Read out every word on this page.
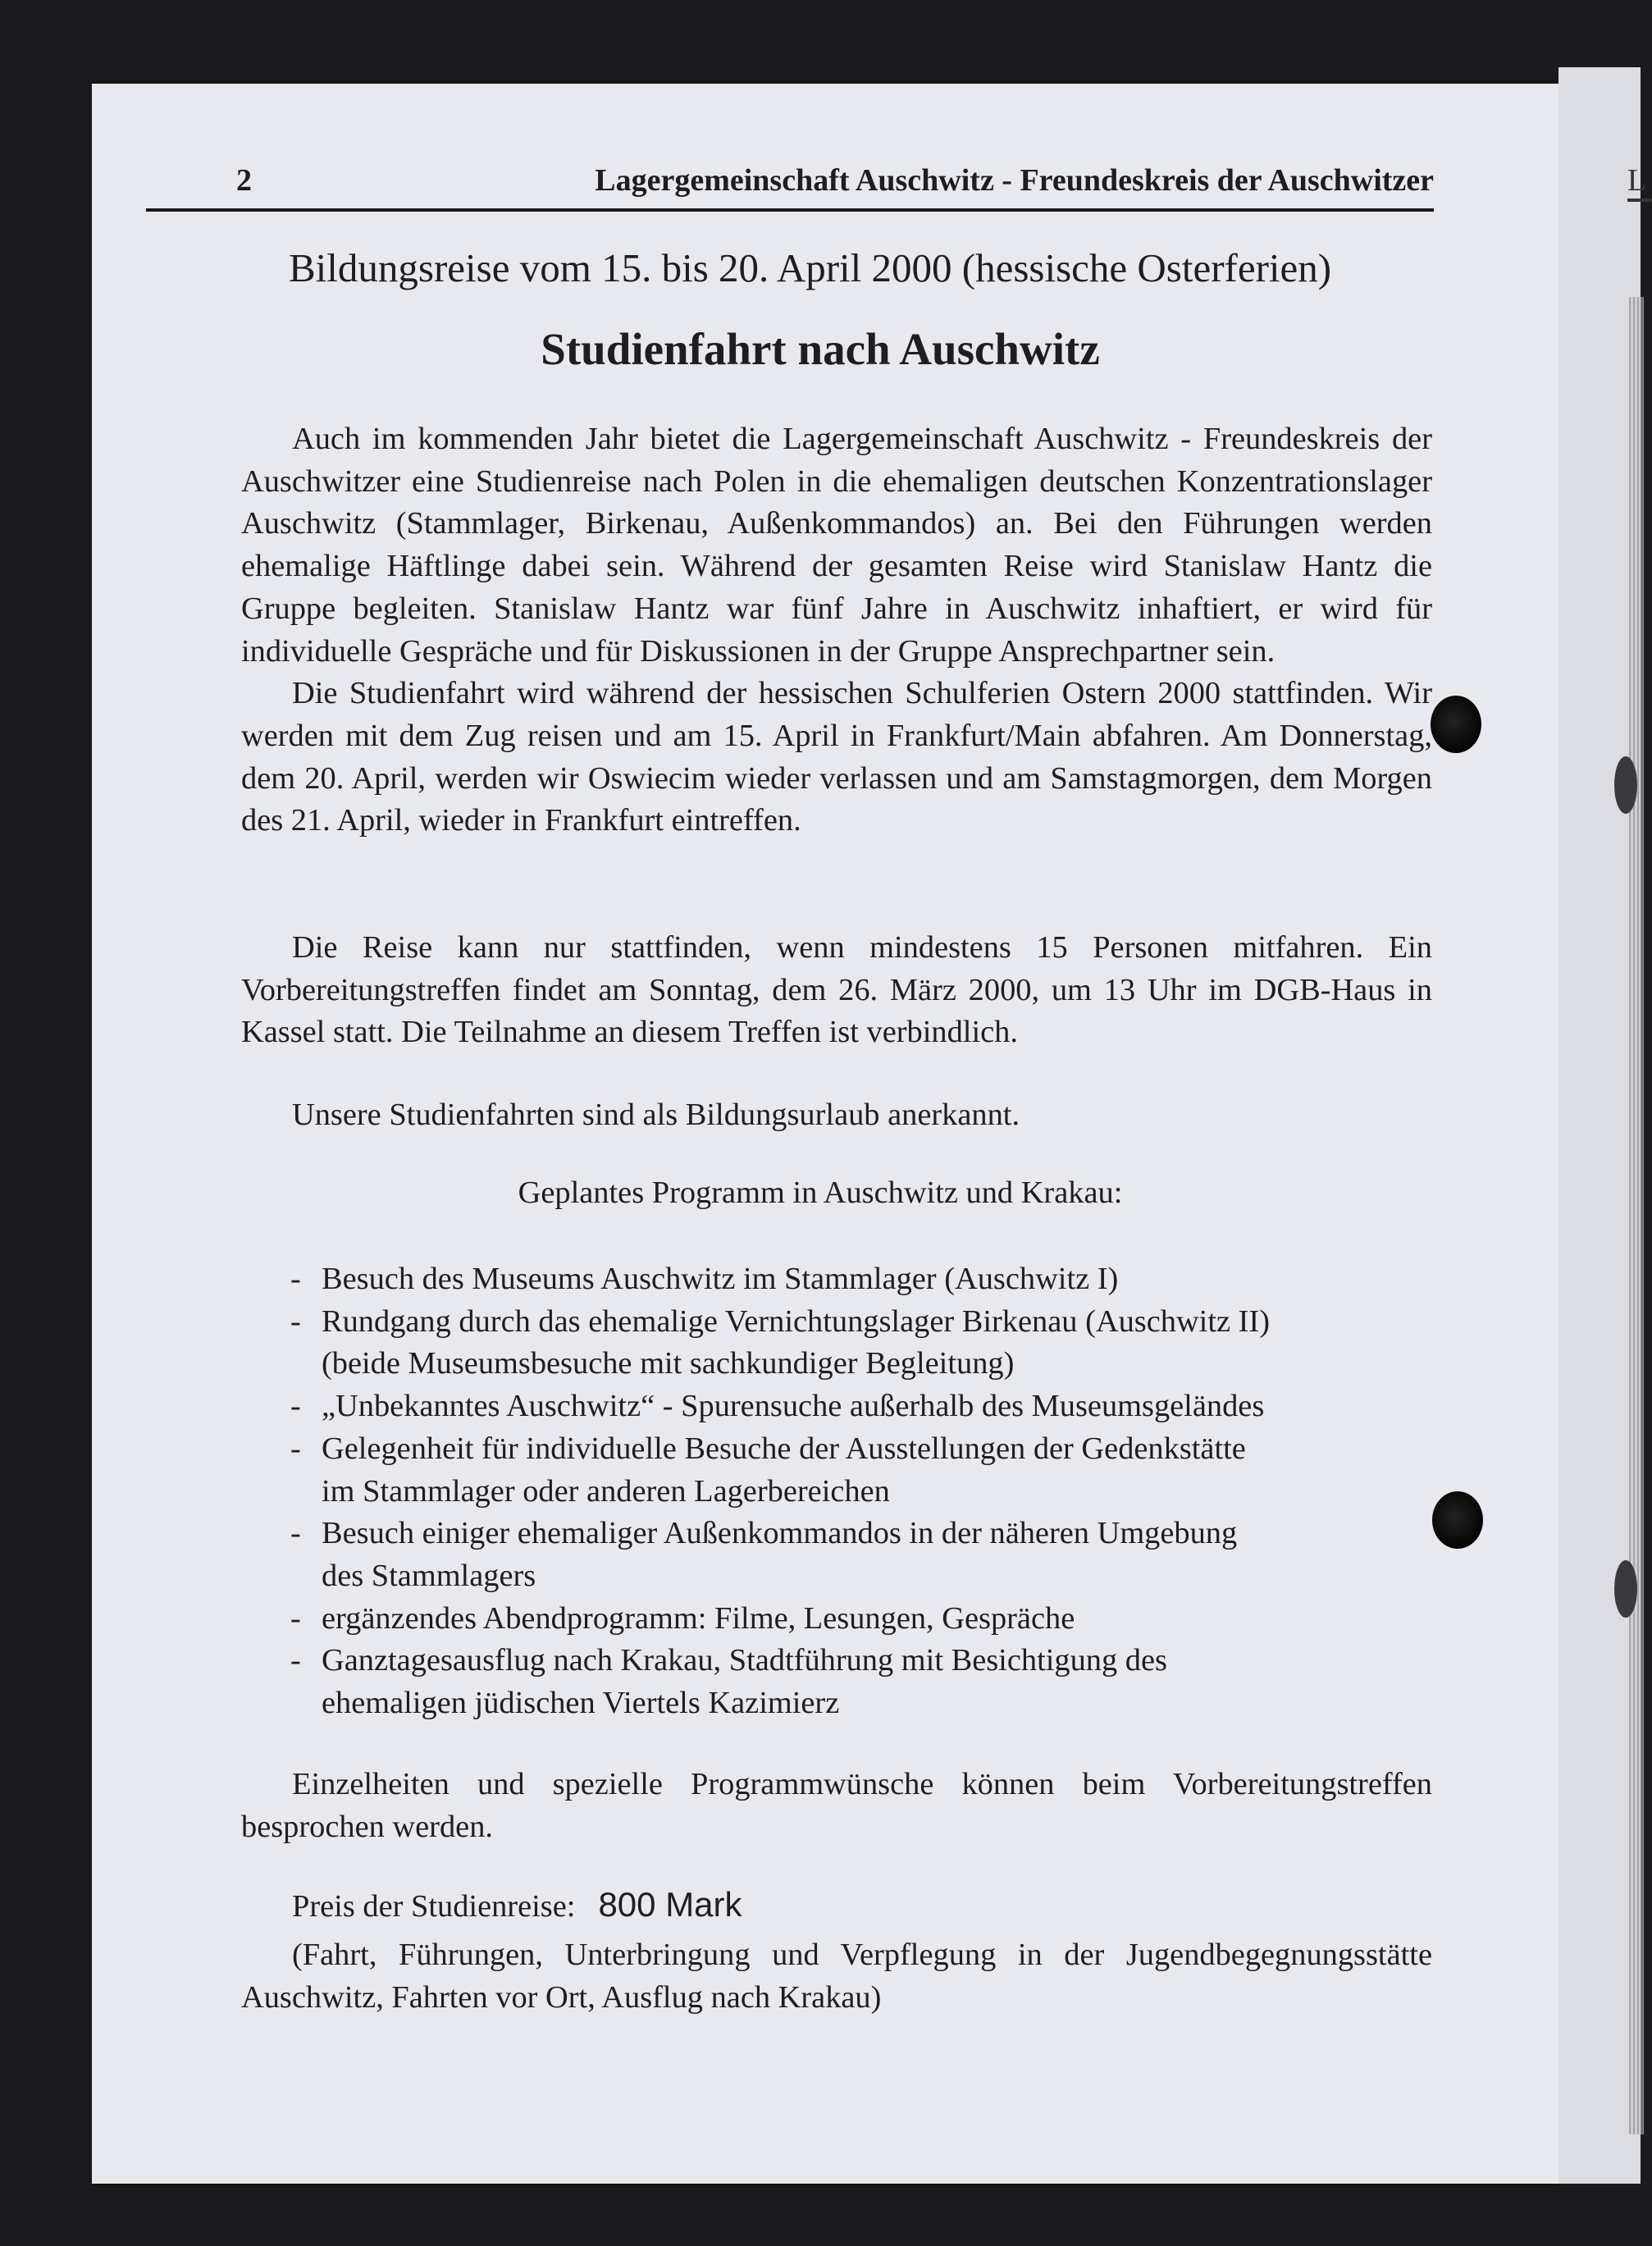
L
2	Lagergemeinschaft Auschwitz - Freundeskreis der Auschwitzer
Bildungsreise vom 15. bis 20. April 2000 (hessische Osterferien)
Studienfahrt nach Auschwitz

Auch im kommenden Jahr bietet die Lagergemeinschaft Auschwitz - Freundeskreis der Auschwitzer eine Studienreise nach Polen in die ehemaligen deutschen Konzentrationslager Auschwitz (Stammlager, Birkenau, Außenkommandos) an. Bei den Führungen werden ehemalige Häftlinge dabei sein. Während der gesamten Reise wird Stanislaw Hantz die Gruppe begleiten. Stanislaw Hantz war fünf Jahre in Auschwitz inhaftiert, er wird für individuelle Gespräche und für Diskussionen in der Gruppe Ansprechpartner sein.

Die Studienfahrt wird während der hessischen Schulferien Ostern 2000 stattfinden. Wir werden mit dem Zug reisen und am 15. April in Frankfurt/Main abfahren. Am Donnerstag, dem 20. April, werden wir Oswiecim wieder verlassen und am Samstagmorgen, dem Morgen des 21. April, wieder in Frankfurt eintreffen.

Die Reise kann nur stattfinden, wenn mindestens 15 Personen mitfahren. Ein Vorbereitungstreffen findet am Sonntag, dem 26. März 2000, um 13 Uhr im DGB-Haus in Kassel statt. Die Teilnahme an diesem Treffen ist verbindlich.

Unsere Studienfahrten sind als Bildungsurlaub anerkannt.

Geplantes Programm in Auschwitz und Krakau:
- Besuch des Museums Auschwitz im Stammlager (Auschwitz I)
- Rundgang durch das ehemalige Vernichtungslager Birkenau (Auschwitz II)
(beide Museumsbesuche mit sachkundiger Begleitung)
- „Unbekanntes Auschwitz“ - Spurensuche außerhalb des Museumsgeländes
- Gelegenheit für individuelle Besuche der Ausstellungen der Gedenkstätte
im Stammlager oder anderen Lagerbereichen
- Besuch einiger ehemaliger Außenkommandos in der näheren Umgebung
des Stammlagers
- ergänzendes Abendprogramm: Filme, Lesungen, Gespräche
- Ganztagesausflug nach Krakau, Stadtführung mit Besichtigung des
ehemaligen jüdischen Viertels Kazimierz

Einzelheiten und spezielle Programmwünsche können beim Vorbereitungstreffen besprochen werden.

Preis der Studienreise: 800 Mark

(Fahrt, Führungen, Unterbringung und Verpflegung in der Jugendbegegnungsstätte Auschwitz, Fahrten vor Ort, Ausflug nach Krakau)
